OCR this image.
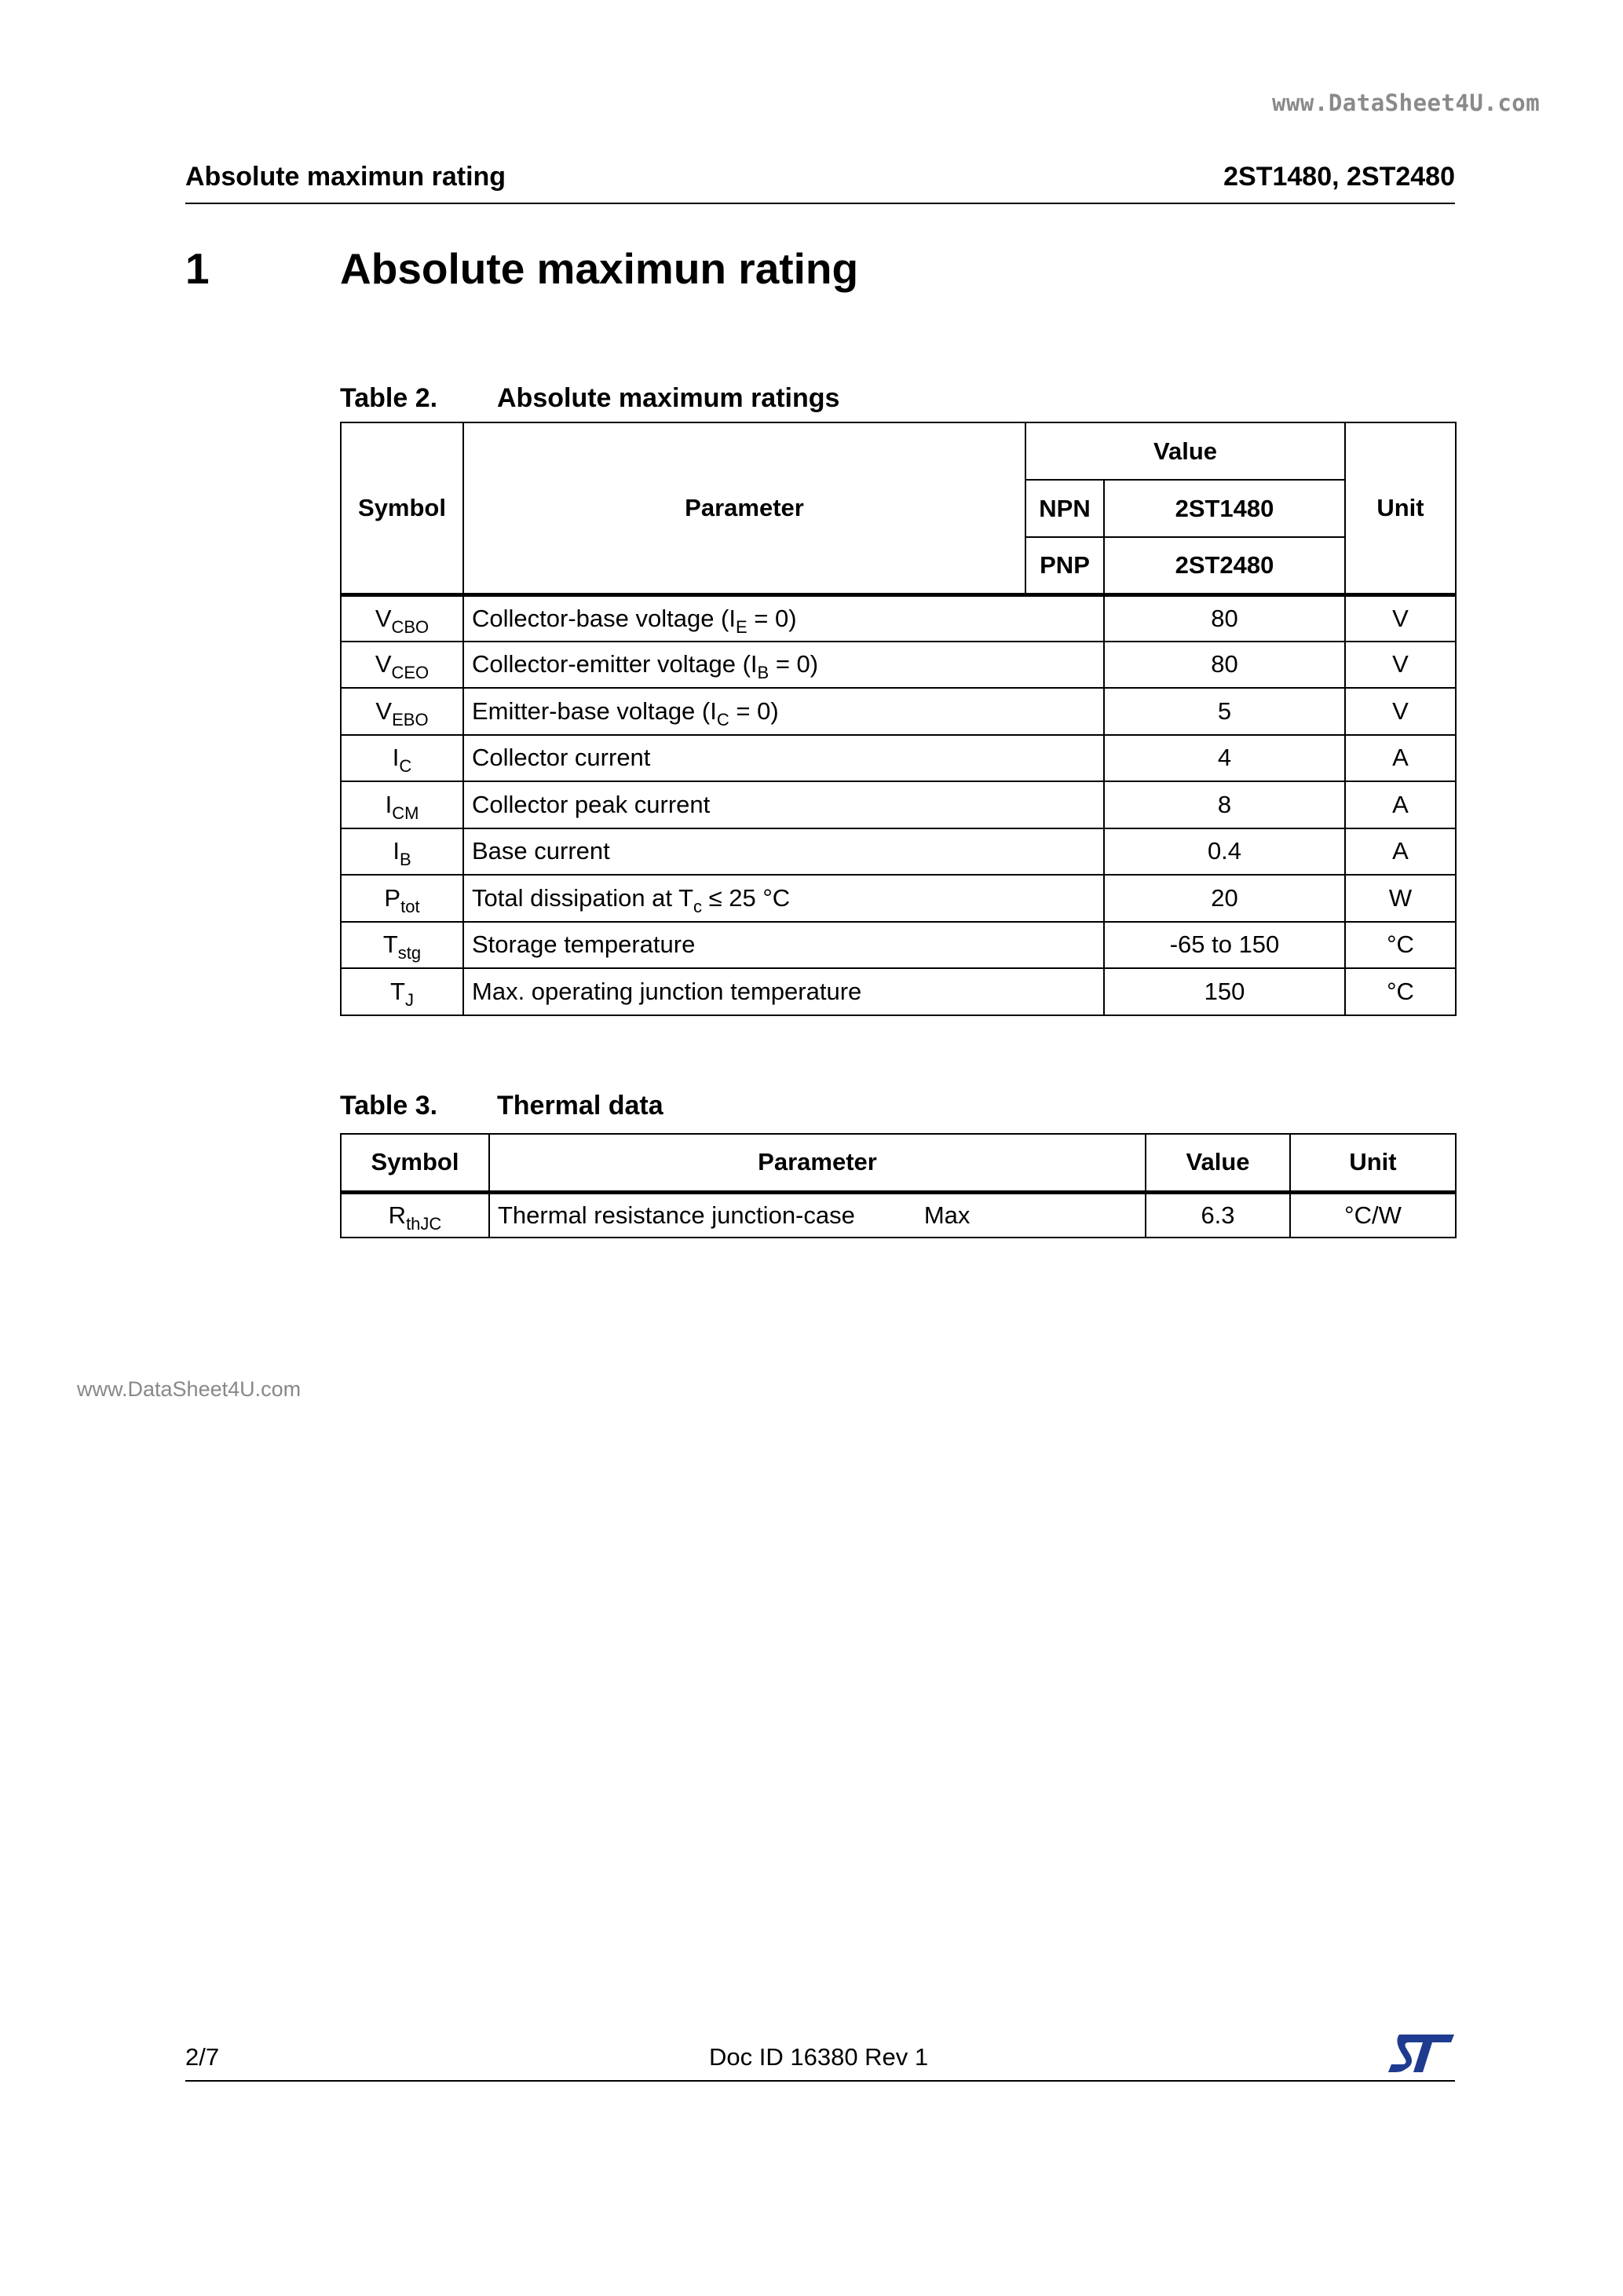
www.DataSheet4U.com
Absolute maximun rating	2ST1480, 2ST2480
1	Absolute maximun rating
Table 2. Absolute maximum ratings
Symbol	Parameter	Value		Unit
		NPN	2ST1480	
		PNP	2ST2480	
$V_{CBO}$	Collector-base voltage $(I_E = 0)$		80	V
$V_{CEO}$	Collector-emitter voltage $(I_B = 0)$		80	V
$V_{EBO}$	Emitter-base voltage $(I_C = 0)$		5	V
$I_C$	Collector current		4	A
$I_{CM}$	Collector peak current		8	A
$I_B$	Base current		0.4	A
$P_{tot}$	Total dissipation at $T_c \le 25$ °C		20	W
$T_{stg}$	Storage temperature		-65 to 150	°C
$T_J$	Max. operating junction temperature		150	°C
Table 3. Thermal data
Symbol	Parameter	Value	Unit
$R_{thJC}$	Thermal resistance junction-case Max	6.3	°C/W
www.DataSheet4U.com
2/7	Doc ID 16380 Rev 1
